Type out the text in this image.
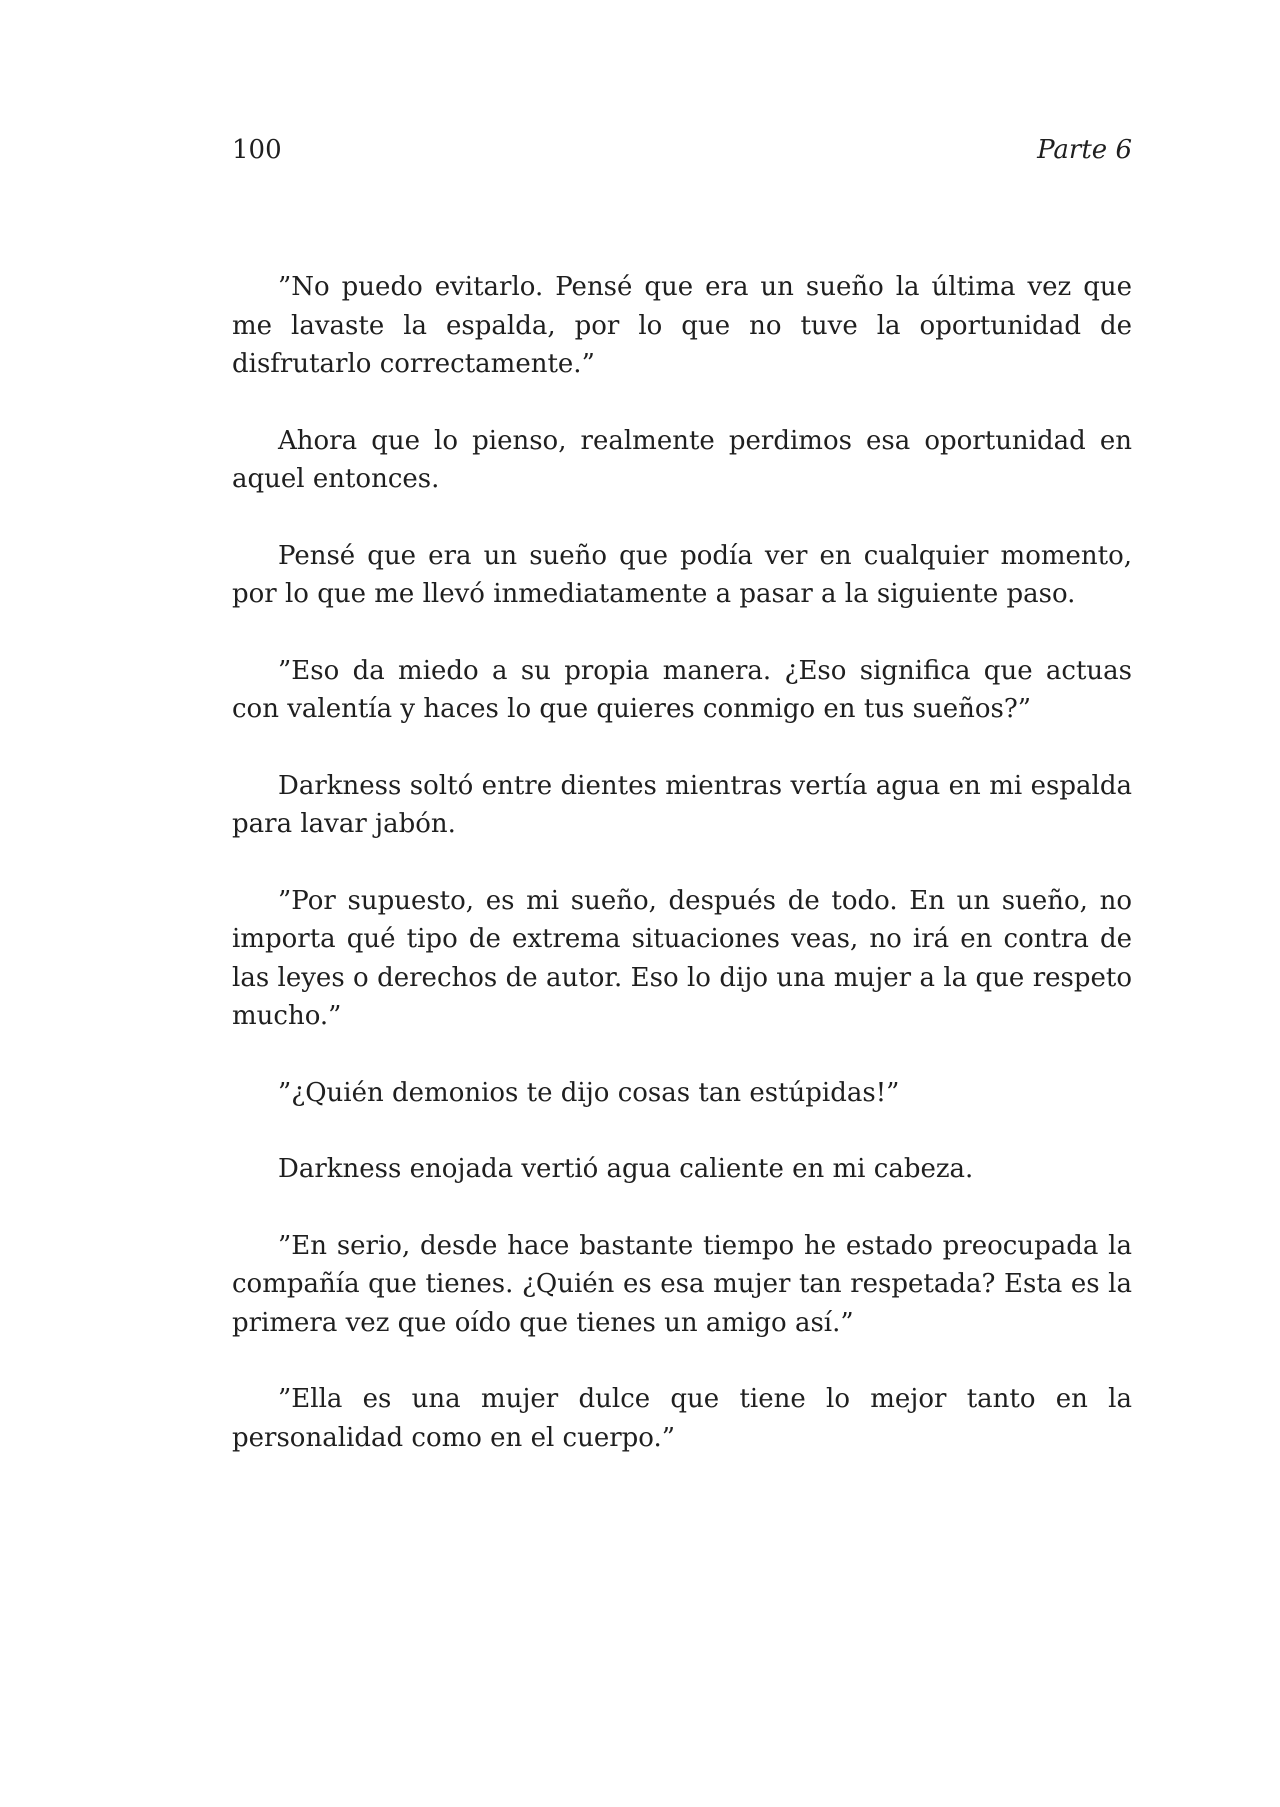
100	Parte 6

”No puedo evitarlo. Pensé que era un sueño la última vez que me lavaste la espalda, por lo que no tuve la oportunidad de disfrutarlo correctamente.”

Ahora que lo pienso, realmente perdimos esa oportunidad en aquel entonces.

Pensé que era un sueño que podía ver en cualquier momento, por lo que me llevó inmediatamente a pasar a la siguiente paso.

”Eso da miedo a su propia manera. ¿Eso significa que actuas con valentía y haces lo que quieres conmigo en tus sueños?”

Darkness soltó entre dientes mientras vertía agua en mi espalda para lavar jabón.

”Por supuesto, es mi sueño, después de todo. En un sueño, no importa qué tipo de extrema situaciones veas, no irá en contra de las leyes o derechos de autor. Eso lo dijo una mujer a la que respeto mucho.”

”¿Quién demonios te dijo cosas tan estúpidas!”

Darkness enojada vertió agua caliente en mi cabeza.

”En serio, desde hace bastante tiempo he estado preocupada la compañía que tienes. ¿Quién es esa mujer tan respetada? Esta es la primera vez que oído que tienes un amigo así.”

”Ella es una mujer dulce que tiene lo mejor tanto en la personalidad como en el cuerpo.”
